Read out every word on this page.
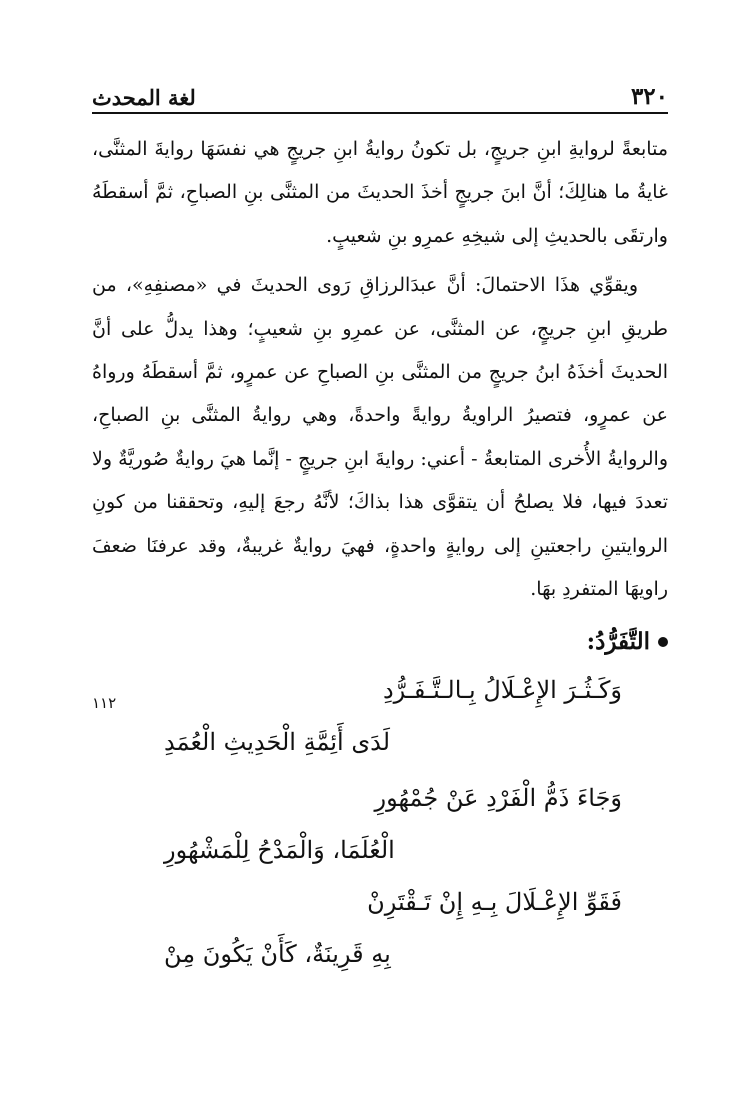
لغة المحدث	٣٢٠

متابعةً لروايةِ ابنِ جريجٍ، بل تكونُ روايةُ ابنِ جريجٍ هي نفسَهَا روايةَ المثنَّى، غايةُ ما هنالِكَ؛ أنَّ ابنَ جريجٍ أخذَ الحديثَ من المثنَّى بنِ الصباحِ، ثمَّ أسقطَهُ وارتقَى بالحديثِ إلى شيخِهِ عمرِو بنِ شعيبٍ.

ويقوِّي هذَا الاحتمالَ: أنَّ عبدَالرزاقِ رَوى الحديثَ في «مصنفِهِ»، من طريقِ ابنِ جريجٍ، عن المثنَّى، عن عمرِو بنِ شعيبٍ؛ وهذا يدلُّ على أنَّ الحديثَ أخذَهُ ابنُ جريجٍ من المثنَّى بنِ الصباحِ عن عمرٍو، ثمَّ أسقطَهُ ورواهُ عن عمرٍو، فتصيرُ الراويةُ روايةً واحدةً، وهي روايةُ المثنَّى بنِ الصباحِ، والروايةُ الأُخرى المتابعةُ - أعني: روايةَ ابنِ جريجٍ - إنَّما هيَ روايةٌ صُوريَّةٌ ولا تعددَ فيها، فلا يصلحُ أن يتقوَّى هذا بذاكَ؛ لأنَّهُ رجعَ إليهِ، وتحققنا من كونِ الروايتينِ راجعتينِ إلى روايةٍ واحدةٍ، فهيَ روايةٌ غريبةٌ، وقد عرفنَا ضعفَ راويهَا المتفردِ بهَا.

التَّفَرُّدُ:
١١٢	وَكَـثُـرَ الإِعْـلَالُ بِـالـتَّـفَـرُّدِ
لَدَى أَئِمَّةِ الْحَدِيثِ الْعُمَدِ
وَجَاءَ ذَمُّ الْفَرْدِ عَنْ جُمْهُورِ
الْعُلَمَا، وَالْمَدْحُ لِلْمَشْهُورِ
فَقَوِّ الإِعْـلَالَ بِـهِ إِنْ تَـقْتَرِنْ
بِهِ قَرِينَةٌ، كَأَنْ يَكُونَ مِنْ
